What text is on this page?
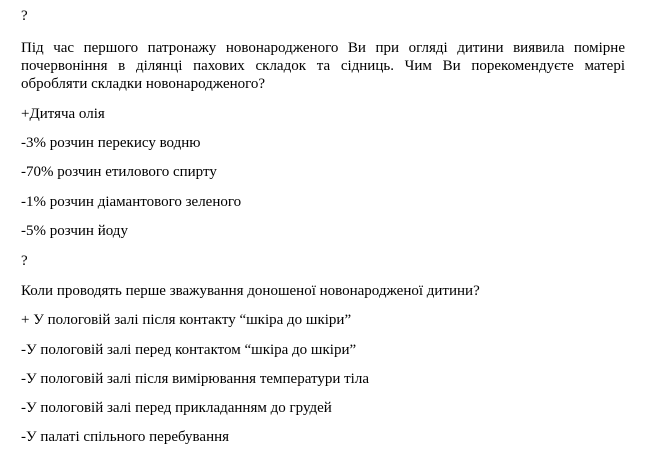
?
Під час першого патронажу новонародженого Ви при огляді дитини виявила помірне почервоніння в ділянці пахових складок та сідниць. Чим Ви порекомендуєте матері обробляти складки новонародженого?
+Дитяча олія
-3% розчин перекису водню
-70% розчин етилового спирту
-1% розчин діамантового зеленого
-5% розчин йоду
?
Коли проводять перше зважування доношеної новонародженої дитини?
+ У пологовій залі після контакту “шкіра до шкіри”
-У пологовій залі перед контактом “шкіра до шкіри”
-У пологовій залі після вимірювання температури тіла
-У пологовій залі перед прикладанням до грудей
-У палаті спільного перебування
